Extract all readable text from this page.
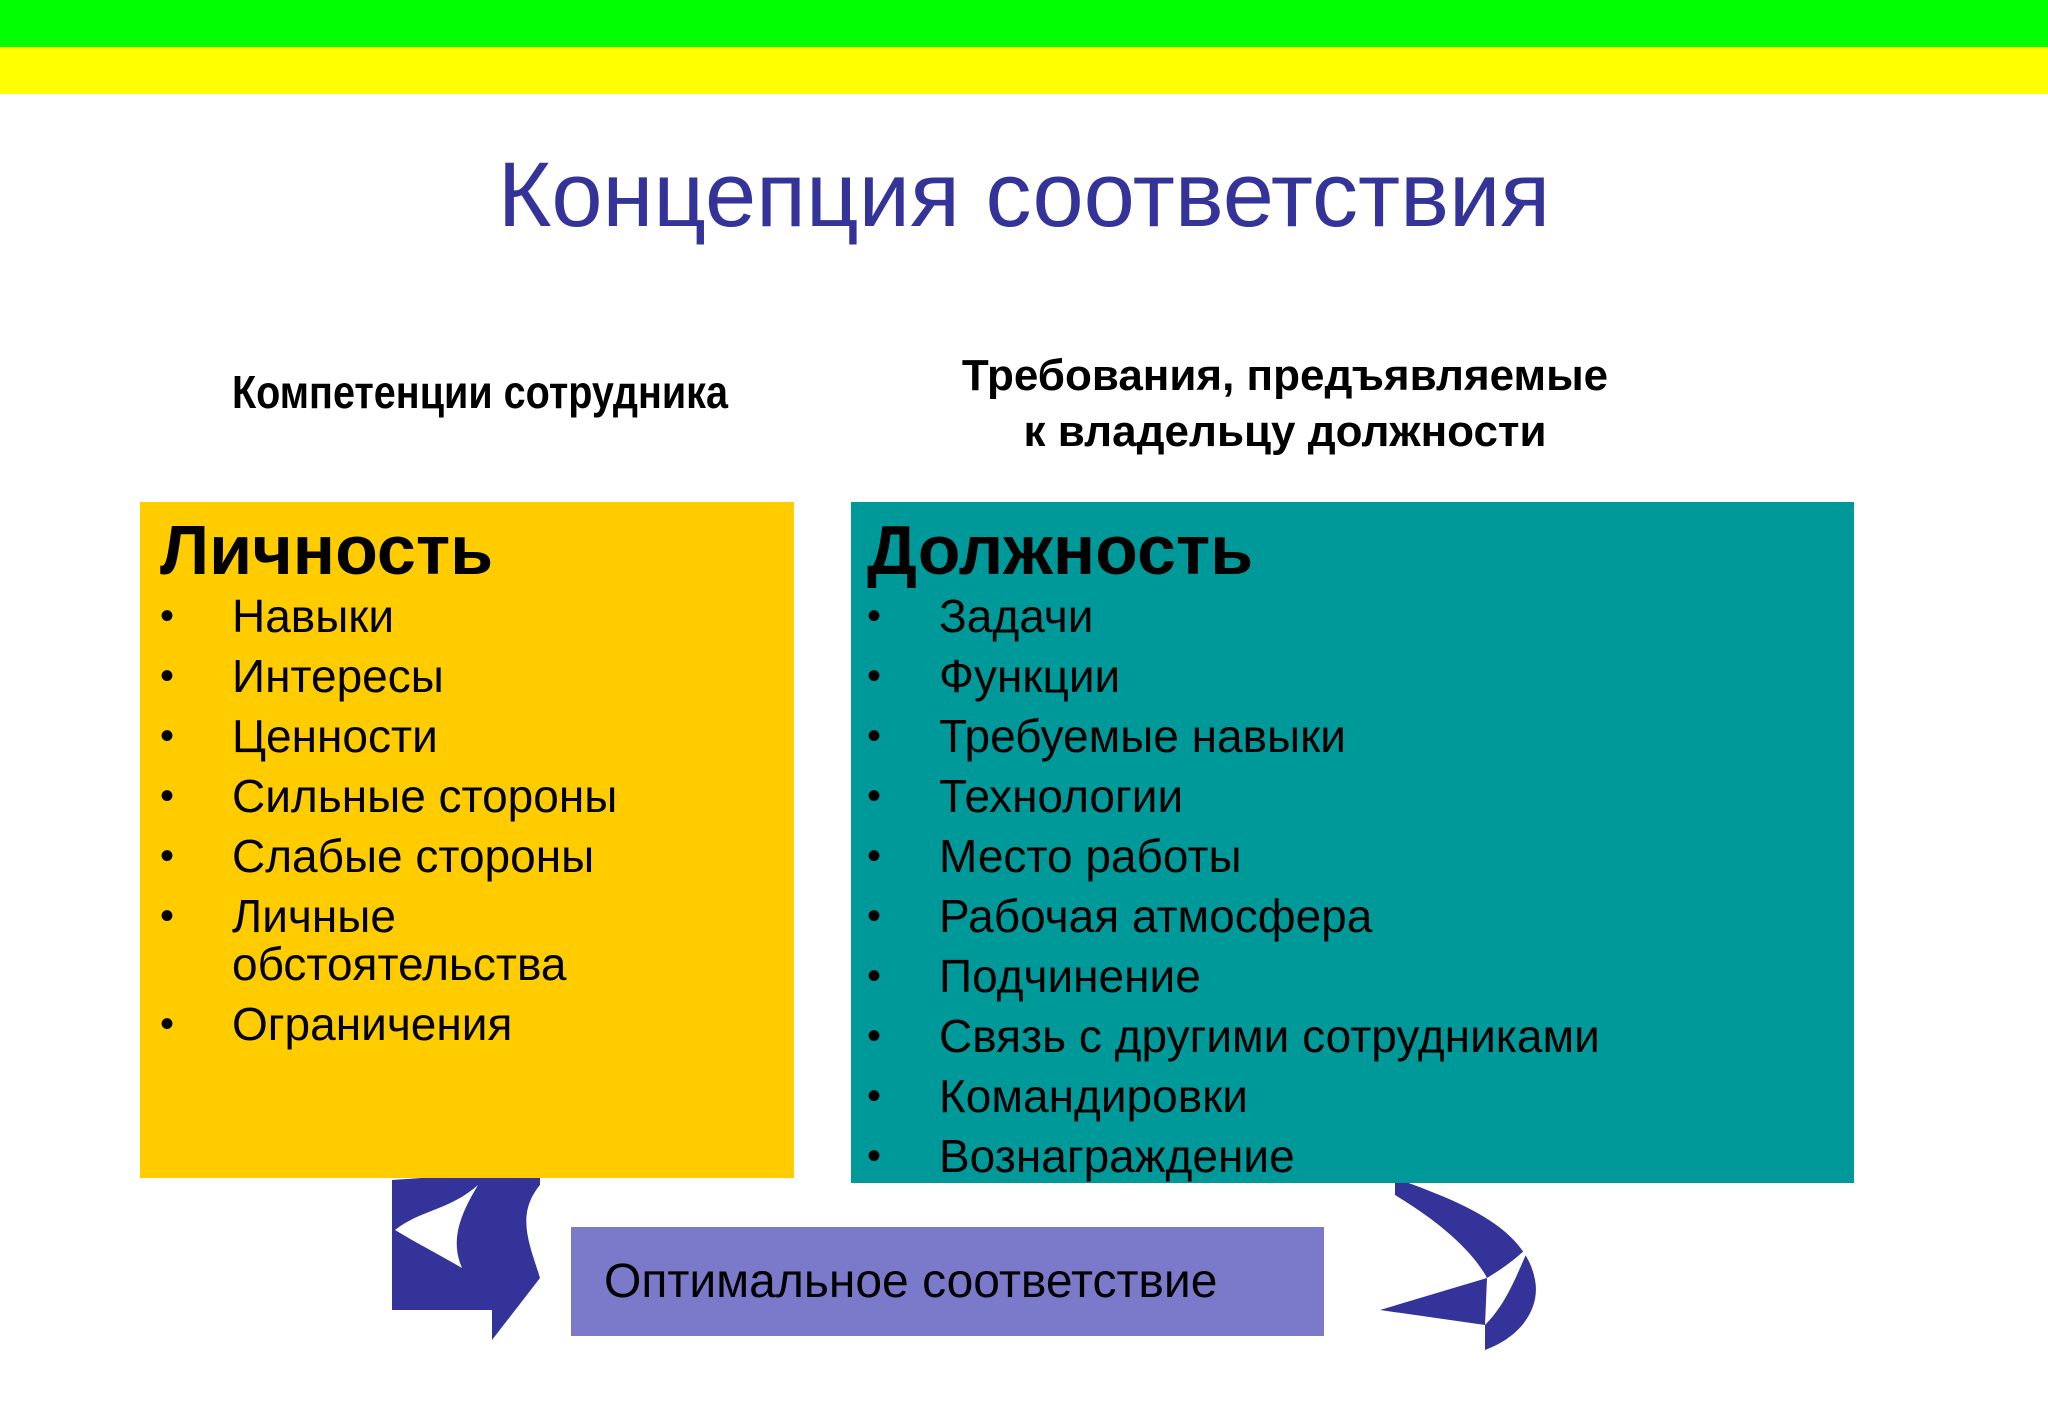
Концепция соответствия
Компетенции сотрудника	Требования, предъявляемые
к владельцу должности
Личность
•	Навыки
•	Интересы
•	Ценности
•	Сильные стороны
•	Слабые стороны
•	Личные обстоятельства
•	Ограничения
Должность
•	Задачи
•	Функции
•	Требуемые навыки
•	Технологии
•	Место работы
•	Рабочая атмосфера
•	Подчинение
•	Связь с другими сотрудниками
•	Командировки
•	Вознаграждение
Оптимальное соответствие
